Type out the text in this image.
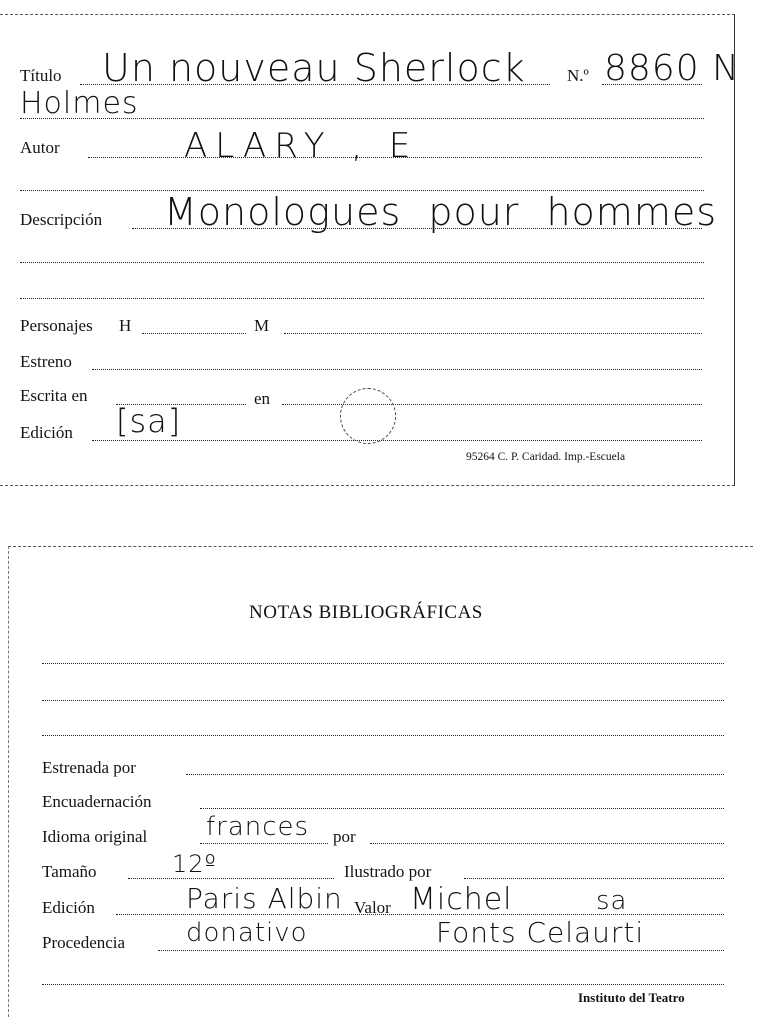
Título Un nouveau Sherlock N.º 8860 N
Holmes
Autor	ALARY , E
Descripción Monologues pour hommes
Personajes H	M
Estreno
Escrita en	en
Edición [sa]
95264 C. P. Caridad. Imp.-Escuela
NOTAS BIBLIOGRÁFICAS
Estrenada por
Encuadernación
Idioma original frances por
Tamaño	12º	Ilustrado por
Edición	Paris Albin Valor Michel	sa
Procedencia donativo	Fonts Celaurti
Instituto del Teatro
